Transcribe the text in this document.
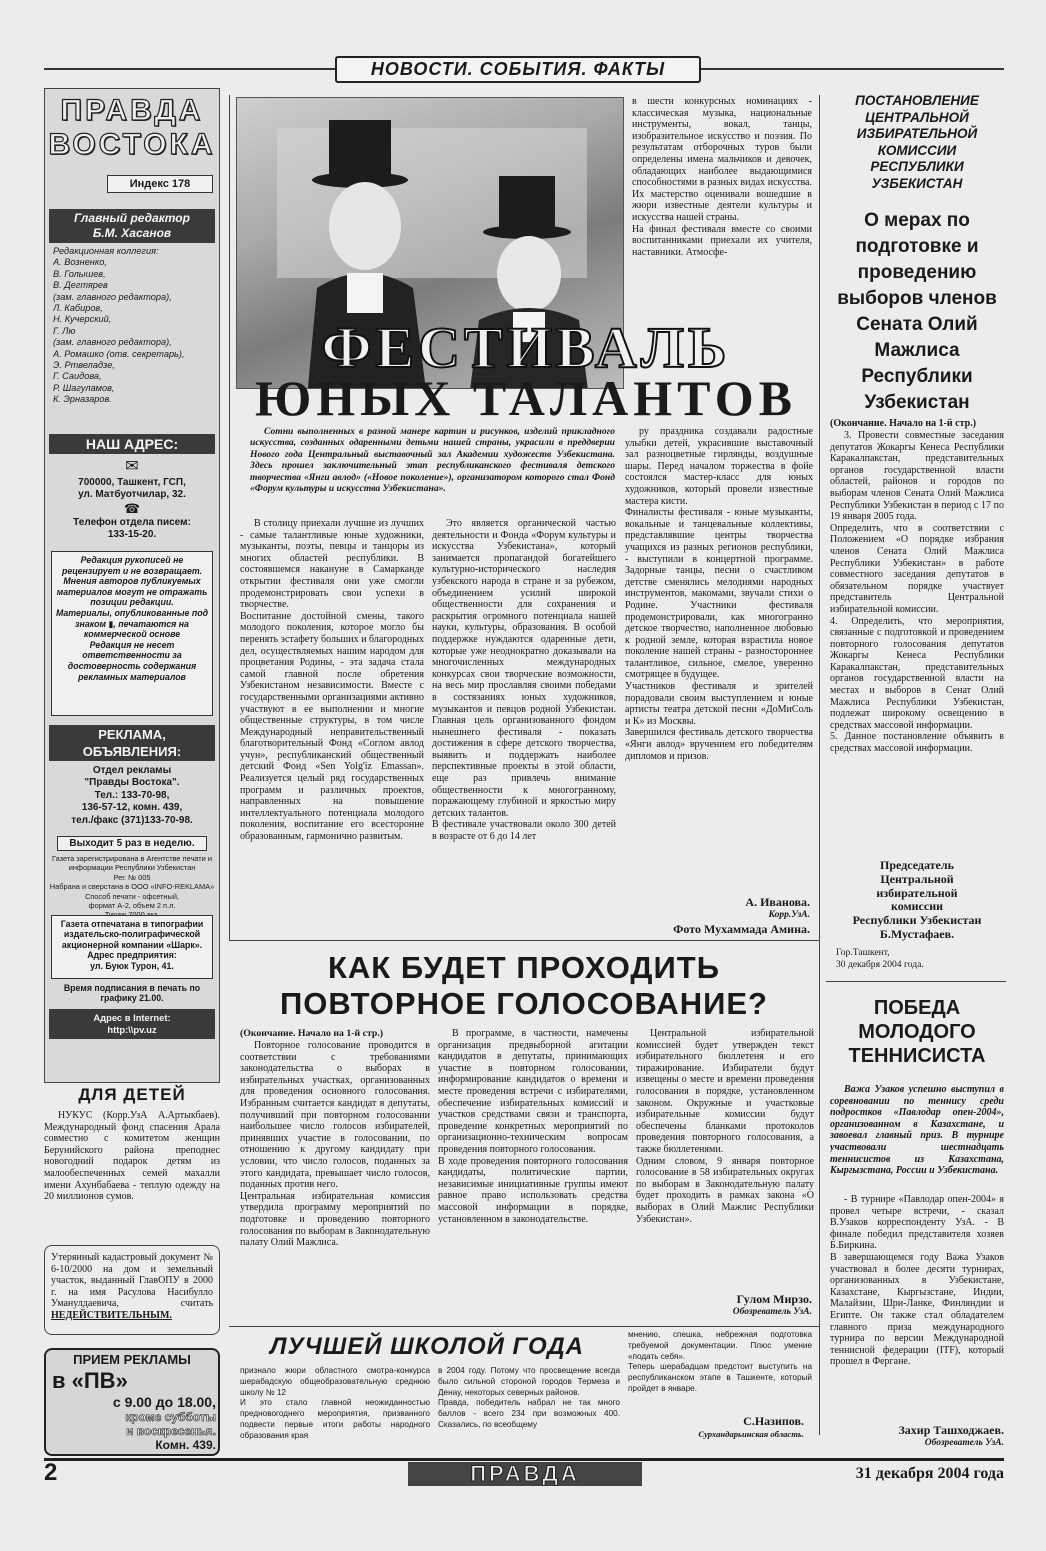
НОВОСТИ. СОБЫТИЯ. ФАКТЫ
ПРАВДА
ВОСТОКА
Индекс 178
Главный редактор
Б.М. Хасанов
Редакционная коллегия:
А. Возненко,
В. Голышев,
В. Дегтярев
(зам. главного редактора),
Л. Кабиров,
Н. Кучерский,
Г. Лю
(зам. главного редактора),
А. Ромашко (отв. секретарь),
Э. Ртвеладзе,
Г. Саидова,
Р. Шагуламов,
К. Эрназаров.
НАШ АДРЕС:
✉
700000, Ташкент, ГСП,
ул. Матбуотчилар, 32.
☎
Телефон отдела писем:
133-15-20.
Редакция рукописей не рецензирует и не возвращает.
Мнения авторов публикуемых материалов могут не отражать позиции редакции.
Материалы, опубликованные под знаком ▮, печатаются на коммерческой основе
Редакция не несет ответственности за достоверность содержания рекламных материалов
РЕКЛАМА, ОБЪЯВЛЕНИЯ:
Отдел рекламы
"Правды Востока".
Тел.: 133-70-98,
136-57-12, комн. 439,
тел./факс (371)133-70-98.
Выходит 5 раз в неделю.
Газета зарегистрирована в Агентстве печати и информации Республики Узбекистан
Рег. № 005
Набрана и сверстана в ООО «INFO-REKLAMA»
Способ печати - офсетный,
формат А-2, объем 2 п.л.

Газета отпечатана в типографии издательско-полиграфической акционерной компании «Шарк».
Адрес предприятия:
ул. Буюк Турон, 41.
Время подписания в печать по графику 21.00.
Адрес в Internet:
http:\\pv.uz
ДЛЯ ДЕТЕЙ

НУКУС (Корр.УзА А.Артыкбаев). Международный фонд спасения Арала совместно с комитетом женщин Берунийского района преподнес новогодний подарок детям из малообеспеченных семей махалли имени Ахунбабаева - теплую одежду на 20 миллионов сумов.

Утерянный кадастровый документ № 6-10/2000 на дом и земельный участок, выданный ГлавОПУ в 2000 г. на имя Расулова Насибулло Уманулдаевича, считать НЕДЕЙСТВИТЕЛЬНЫМ.
ПРИЕМ РЕКЛАМЫ
в «ПВ»
с 9.00 до 18.00,
кроме субботы
и воскресенья.
Комн. 439.

в шести конкурсных номинациях - классическая музыка, национальные инструменты, вокал, танцы, изобразительное искусство и поэзия. По результатам отборочных туров были определены имена мальчиков и девочек, обладающих наиболее выдающимися способностями в разных видах искусства. Их мастерство оценивали вошедшие в жюри известные деятели культуры и искусства нашей страны.
На финал фестиваля вместе со своими воспитанниками приехали их учителя, наставники. Атмосфе-

ФЕСТИВАЛЬ
ЮНЫХ ТАЛАНТОВ

Сотни выполненных в разной манере картин и рисунков, изделий прикладного искусства, созданных одаренными детьми нашей страны, украсили в преддверии Нового года Центральный выставочный зал Академии художеств Узбекистана. Здесь прошел заключительный этап республиканского фестиваля детского творчества «Янги авлод» («Новое поколение»), организатором которого стал Фонд «Форум культуры и искусства Узбекистана».

В столицу приехали лучшие из лучших - самые талантливые юные художники, музыканты, поэты, певцы и танцоры из многих областей республики. В состоявшемся накануне в Самарканде открытии фестиваля они уже смогли продемонстрировать свои успехи в творчестве.
Воспитание достойной смены, такого молодого поколения, которое могло бы перенять эстафету больших и благородных дел, осуществляемых нашим народом для процветания Родины, - эта задача стала самой главной после обретения Узбекистаном независимости. Вместе с государственными организациями активно участвуют в ее выполнении и многие общественные структуры, в том числе Международный неправительственный благотворительный Фонд «Соглом авлод учун», республиканский общественный детский Фонд «Sen Yolg'iz Emassan». Реализуется целый ряд государственных программ и различных проектов, направленных на повышение интеллектуального потенциала молодого поколения, воспитание его всесторонне образованным, гармонично развитым.

Это является органической частью деятельности и Фонда «Форум культуры и искусства Узбекистана», который занимается пропагандой богатейшего культурно-исторического наследия узбекского народа в стране и за рубежом, объединением усилий широкой общественности для сохранения и раскрытия огромного потенциала нашей науки, культуры, образования. В особой поддержке нуждаются одаренные дети, которые уже неоднократно доказывали на многочисленных международных конкурсах свои творческие возможности, на весь мир прославляя своими победами в состязаниях юных художников, музыкантов и певцов родной Узбекистан. Главная цель организованного фондом нынешнего фестиваля - показать достижения в сфере детского творчества, выявить и поддержать наиболее перспективные проекты в этой области, еще раз привлечь внимание общественности к многогранному, поражающему глубиной и яркостью миру детских талантов.
В фестивале участвовали около 300 детей в возрасте от 6 до 14 лет

ру праздника создавали радостные улыбки детей, украсившие выставочный зал разноцветные гирлянды, воздушные шары. Перед началом торжества в фойе состоялся мастер-класс для юных художников, который провели известные мастера кисти.
Финалисты фестиваля - юные музыканты, вокальные и танцевальные коллективы, представлявшие центры творчества учащихся из разных регионов республики, - выступили в концертной программе. Задорные танцы, песни о счастливом детстве сменялись мелодиями народных инструментов, макомами, звучали стихи о Родине. Участники фестиваля продемонстрировали, как многогранно детское творчество, наполненное любовью к родной земле, которая взрастила новое поколение нашей страны - разностороннее талантливое, сильное, смелое, уверенно смотрящее в будущее.
Участников фестиваля и зрителей порадовали своим выступлением и юные артисты театра детской песни «ДоМиСоль и К» из Москвы.
Завершился фестиваль детского творчества «Янги авлод» вручением его победителям дипломов и призов.

А. Иванова.
Корр.УзА.
Фото Мухаммада Амина.
КАК БУДЕТ ПРОХОДИТЬ
ПОВТОРНОЕ ГОЛОСОВАНИЕ?
(Окончание. Начало на 1-й стр.)

Повторное голосование проводится в соответствии с требованиями законодательства о выборах в избирательных участках, организованных для проведения основного голосования. Избранным считается кандидат в депутаты, получивший при повторном голосовании наибольшее число голосов избирателей, принявших участие в голосовании, по отношению к другому кандидату при условии, что число голосов, поданных за этого кандидата, превышает число голосов, поданных против него.
Центральная избирательная комиссия утвердила программу мероприятий по подготовке и проведению повторного голосования по выборам в Законодательную палату Олий Мажлиса.

В программе, в частности, намечены организация предвыборной агитации кандидатов в депутаты, принимающих участие в повторном голосовании, информирование кандидатов о времени и месте проведения встречи с избирателями, обеспечение избирательных комиссий и участков средствами связи и транспорта, проведение конкретных мероприятий по организационно-техническим вопросам проведения повторного голосования.
В ходе проведения повторного голосования кандидаты, политические партии, независимые инициативные группы имеют равное право использовать средства массовой информации в порядке, установленном в законодательстве.

Центральной избирательной комиссией будет утвержден текст избирательного бюллетеня и его тиражирование. Избиратели будут извещены о месте и времени проведения голосования в порядке, установленном законом. Окружные и участковые избирательные комиссии будут обеспечены бланками протоколов проведения повторного голосования, а также бюллетенями.
Одним словом, 9 января повторное голосование в 58 избирательных округах по выборам в Законодательную палату будет проходить в рамках закона «О выборах в Олий Мажлис Республики Узбекистан».

Гулом Мирзо.
Обозреватель УзА.
ЛУЧШЕЙ ШКОЛОЙ ГОДА
признало жюри областного смотра-конкурса шерабадскую общеобразовательную среднюю школу № 12
И это стало главной неожиданностью предновогоднего мероприятия, призванного подвести первые итоги работы народного образования края
в 2004 году. Потому что просвещение всегда было сильной стороной городов Термеза и Денау, некоторых северных районов.
Правда, победитель набрал не так много баллов - всего 234 при возможных 400. Сказались, по всеобщему
мнению, спешка, небрежная подготовка требуемой документации. Плюс умение «подать себя».
Теперь шерабадцам предстоит выступить на республиканском этапе в Ташкенте, который пройдет в январе.
С.Назипов.
Сурхандарьинская область.
ПОСТАНОВЛЕНИЕ ЦЕНТРАЛЬНОЙ ИЗБИРАТЕЛЬНОЙ КОМИССИИ РЕСПУБЛИКИ УЗБЕКИСТАН
О мерах по подготовке и проведению выборов членов Сената Олий Мажлиса Республики Узбекистан
(Окончание. Начало на 1-й стр.)

3. Провести совместные заседания депутатов Жокаргы Кенеса Республики Каракалпакстан, представительных органов государственной власти областей, районов и городов по выборам членов Сената Олий Мажлиса Республики Узбекистан в период с 17 по 19 января 2005 года.
Определить, что в соответствии с Положением «О порядке избрания членов Сената Олий Мажлиса Республики Узбекистан» в работе совместного заседания депутатов в обязательном порядке участвует представитель Центральной избирательной комиссии.
4. Определить, что мероприятия, связанные с подготовкой и проведением повторного голосования депутатов Жокаргы Кенеса Республики Каракалпакстан, представительных органов государственной власти на местах и выборов в Сенат Олий Мажлиса Республики Узбекистан, подлежат широкому освещению в средствах массовой информации.
5. Данное постановление объявить в средствах массовой информации.

Председатель
Центральной
избирательной
комиссии
Республики Узбекистан
Б.Мустафаев.
Гор.Ташкент,
30 декабря 2004 года.
ПОБЕДА МОЛОДОГО ТЕННИСИСТА

Важа Узаков успешно выступил в соревновании по теннису среди подростков «Павлодар опен-2004», организованном в Казахстане, и завоевал главный приз. В турнире участвовали шестнадцать теннисистов из Казахстана, Кыргызстана, России и Узбекистана.

- В турнире «Павлодар опен-2004» я провел четыре встречи, - сказал В.Узаков корреспонденту УзА. - В финале победил представителя хозяев Б.Биркина.
В завершающемся году Важа Узаков участвовал в более десяти турнирах, организованных в Узбекистане, Казахстане, Кыргызстане, Индии, Малайзии, Шри-Ланке, Финляндии и Египте. Он также стал обладателем главного приза международного турнира по версии Международной теннисной федерации (ITF), который прошел в Фергане.

Захир Ташходжаев.
Обозреватель УзА.
2	ПРАВДА	31 декабря 2004 года
